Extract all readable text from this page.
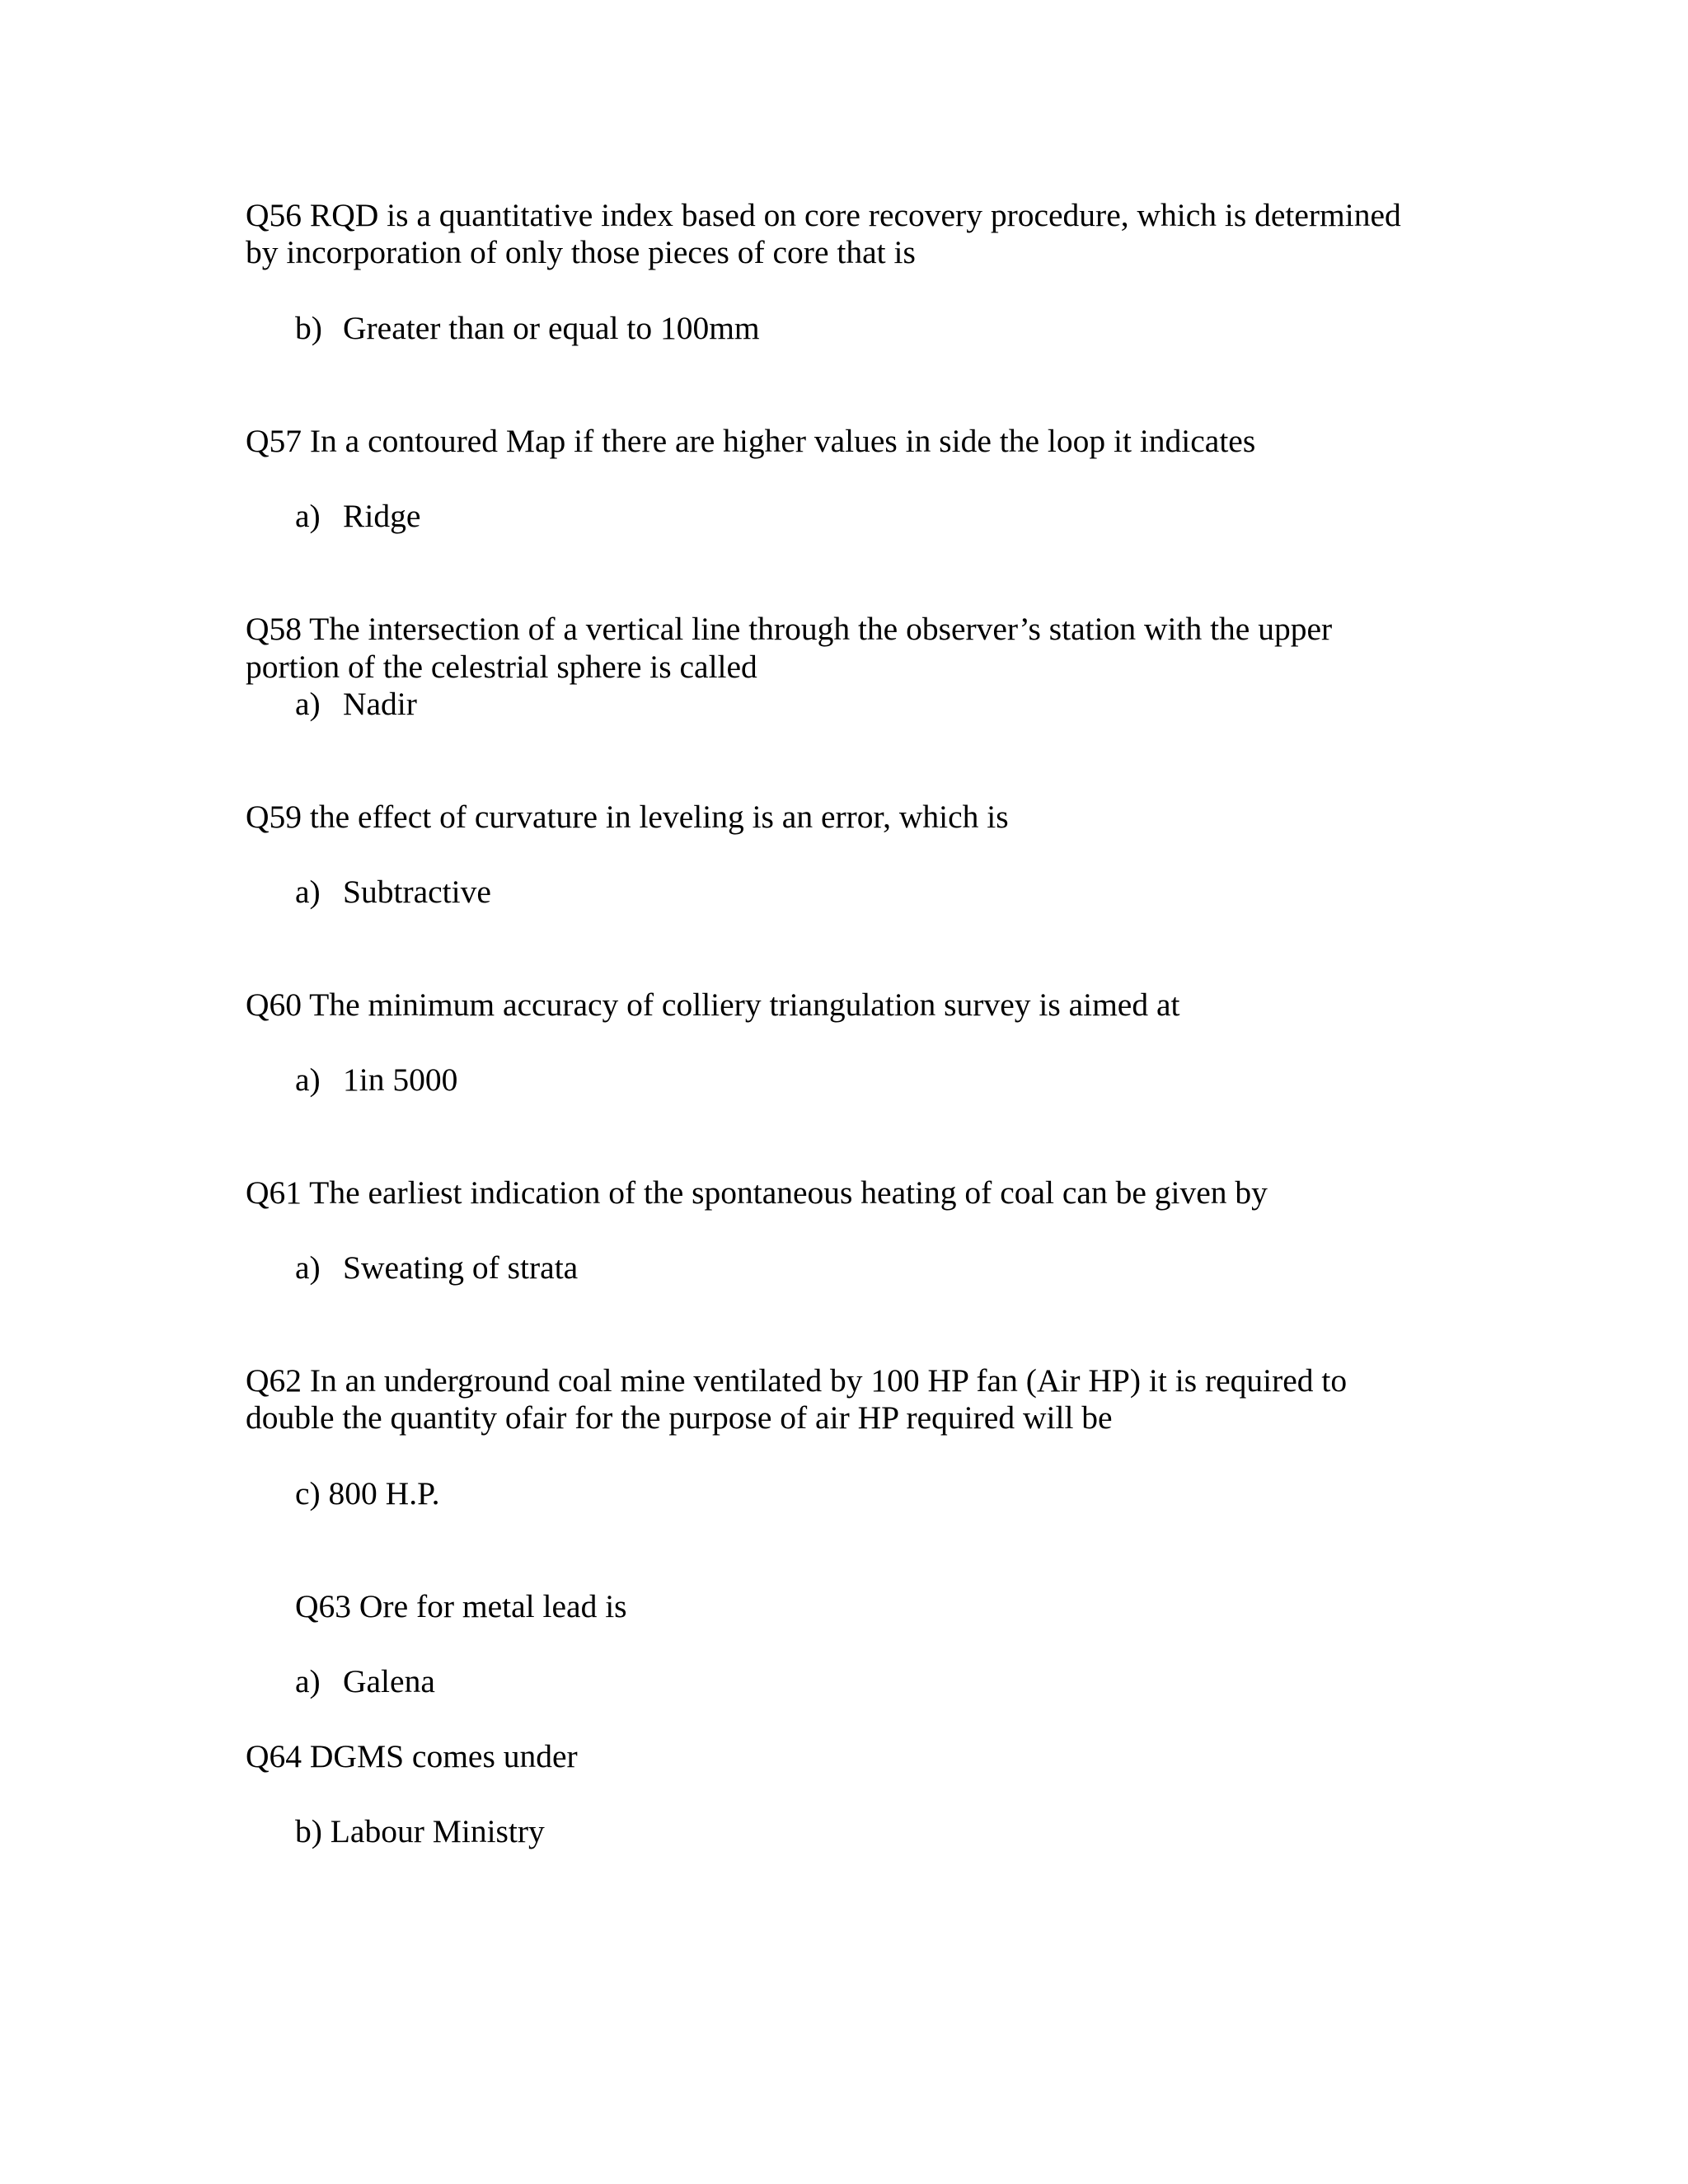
Q56 RQD is a quantitative index based on core recovery procedure, which is determined
by incorporation of only those pieces of core that is
b) Greater than or equal to 100mm
Q57 In a contoured Map if there are higher values in side the loop it indicates
a) Ridge
Q58 The intersection of a vertical line through the observer’s station with the upper
portion of the celestrial sphere is called
a) Nadir
Q59 the effect of curvature in leveling is an error, which is
a) Subtractive
Q60 The minimum accuracy of colliery triangulation survey is aimed at
a) 1in 5000
Q61 The earliest indication of the spontaneous heating of coal can be given by
a) Sweating of strata
Q62 In an underground coal mine ventilated by 100 HP fan (Air HP) it is required to
double the quantity ofair for the purpose of air HP required will be
c) 800 H.P.
Q63 Ore for metal lead is
a) Galena
Q64 DGMS comes under
b) Labour Ministry
